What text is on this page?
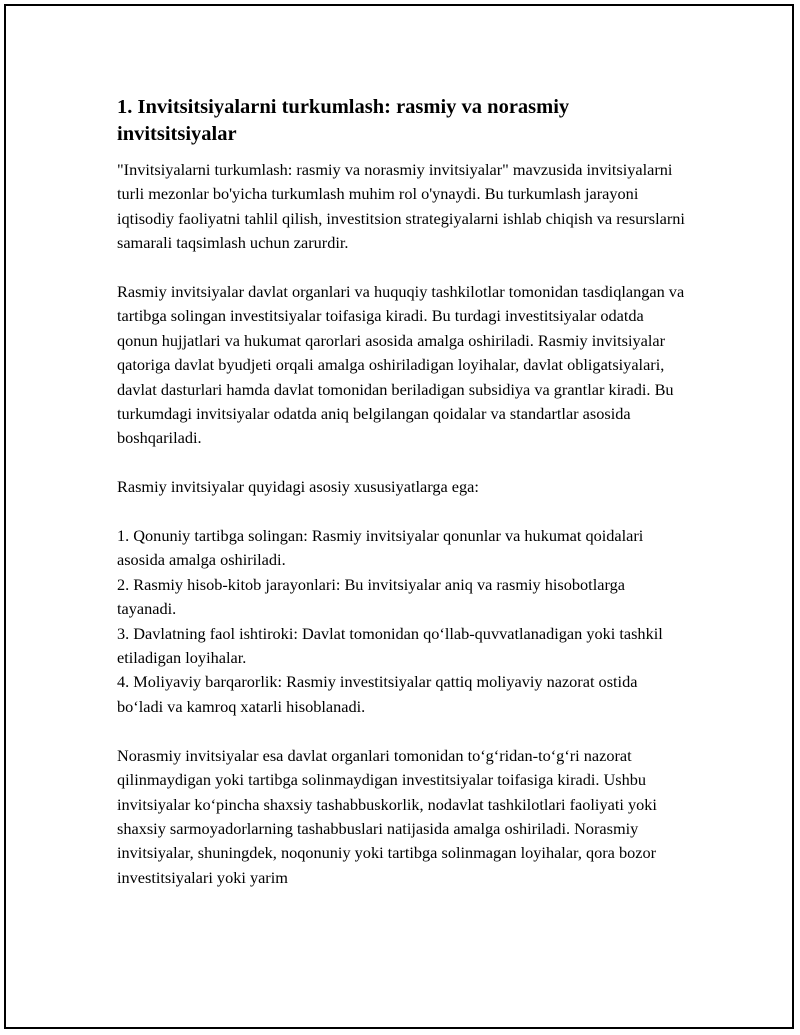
1. Invitsitsiyalarni turkumlash: rasmiy va norasmiy invitsitsiyalar

"Invitsiyalarni turkumlash: rasmiy va norasmiy invitsiyalar" mavzusida invitsiyalarni turli mezonlar bo'yicha turkumlash muhim rol o'ynaydi. Bu turkumlash jarayoni iqtisodiy faoliyatni tahlil qilish, investitsion strategiyalarni ishlab chiqish va resurslarni samarali taqsimlash uchun zarurdir.

Rasmiy invitsiyalar davlat organlari va huquqiy tashkilotlar tomonidan tasdiqlangan va tartibga solingan investitsiyalar toifasiga kiradi. Bu turdagi investitsiyalar odatda qonun hujjatlari va hukumat qarorlari asosida amalga oshiriladi. Rasmiy invitsiyalar qatoriga davlat byudjeti orqali amalga oshiriladigan loyihalar, davlat obligatsiyalari, davlat dasturlari hamda davlat tomonidan beriladigan subsidiya va grantlar kiradi. Bu turkumdagi invitsiyalar odatda aniq belgilangan qoidalar va standartlar asosida boshqariladi.

Rasmiy invitsiyalar quyidagi asosiy xususiyatlarga ega:

1. Qonuniy tartibga solingan: Rasmiy invitsiyalar qonunlar va hukumat qoidalari asosida amalga oshiriladi.
2. Rasmiy hisob-kitob jarayonlari: Bu invitsiyalar aniq va rasmiy hisobotlarga tayanadi.
3. Davlatning faol ishtiroki: Davlat tomonidan qo‘llab-quvvatlanadigan yoki tashkil etiladigan loyihalar.
4. Moliyaviy barqarorlik: Rasmiy investitsiyalar qattiq moliyaviy nazorat ostida bo‘ladi va kamroq xatarli hisoblanadi.

Norasmiy invitsiyalar esa davlat organlari tomonidan to‘g‘ridan-to‘g‘ri nazorat qilinmaydigan yoki tartibga solinmaydigan investitsiyalar toifasiga kiradi. Ushbu invitsiyalar ko‘pincha shaxsiy tashabbuskorlik, nodavlat tashkilotlari faoliyati yoki shaxsiy sarmoyadorlarning tashabbuslari natijasida amalga oshiriladi. Norasmiy invitsiyalar, shuningdek, noqonuniy yoki tartibga solinmagan loyihalar, qora bozor investitsiyalari yoki yarim
